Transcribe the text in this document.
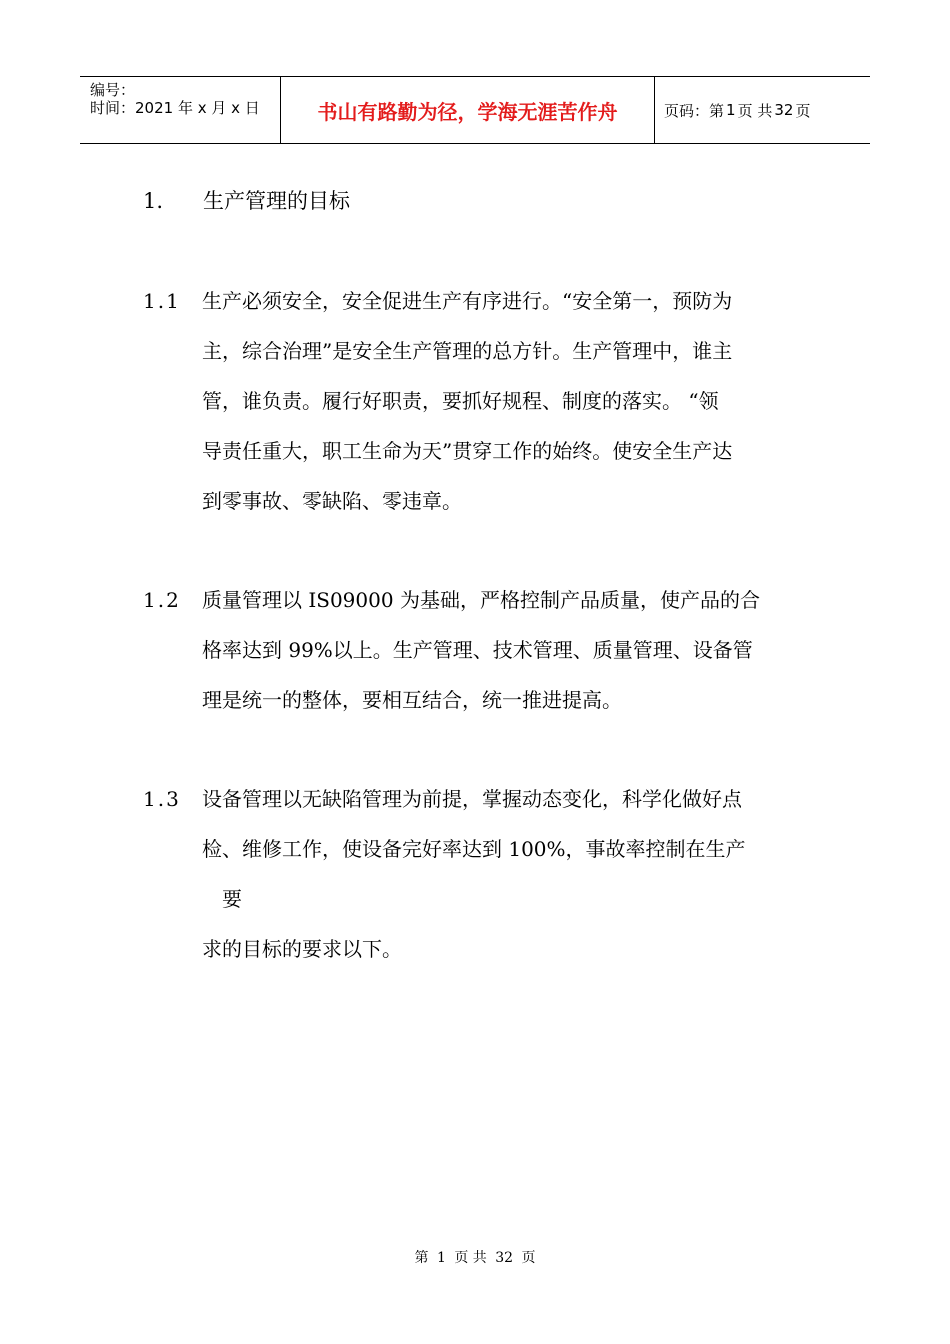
编号：
时间：2021 年 x 月 x 日	书山有路勤为径，学海无涯苦作舟	页码：第 1 页 共 32 页
1. 生产管理的目标
1.1	生产必须安全，安全促进生产有序进行。“安全第一，预防为
主，综合治理”是安全生产管理的总方针。生产管理中，谁主
管，谁负责。履行好职责，要抓好规程、制度的落实。 “领
导责任重大，职工生命为天”贯穿工作的始终。使安全生产达
到零事故、零缺陷、零违章。
1.2	质量管理以 IS09000 为基础，严格控制产品质量，使产品的合
格率达到 99%以上。生产管理、技术管理、质量管理、设备管
理是统一的整体，要相互结合，统一推进提高。
1.3	设备管理以无缺陷管理为前提，掌握动态变化，科学化做好点
检、维修工作，使设备完好率达到 100%，事故率控制在生产
要
求的目标的要求以下。
第 1 页 共 32 页
